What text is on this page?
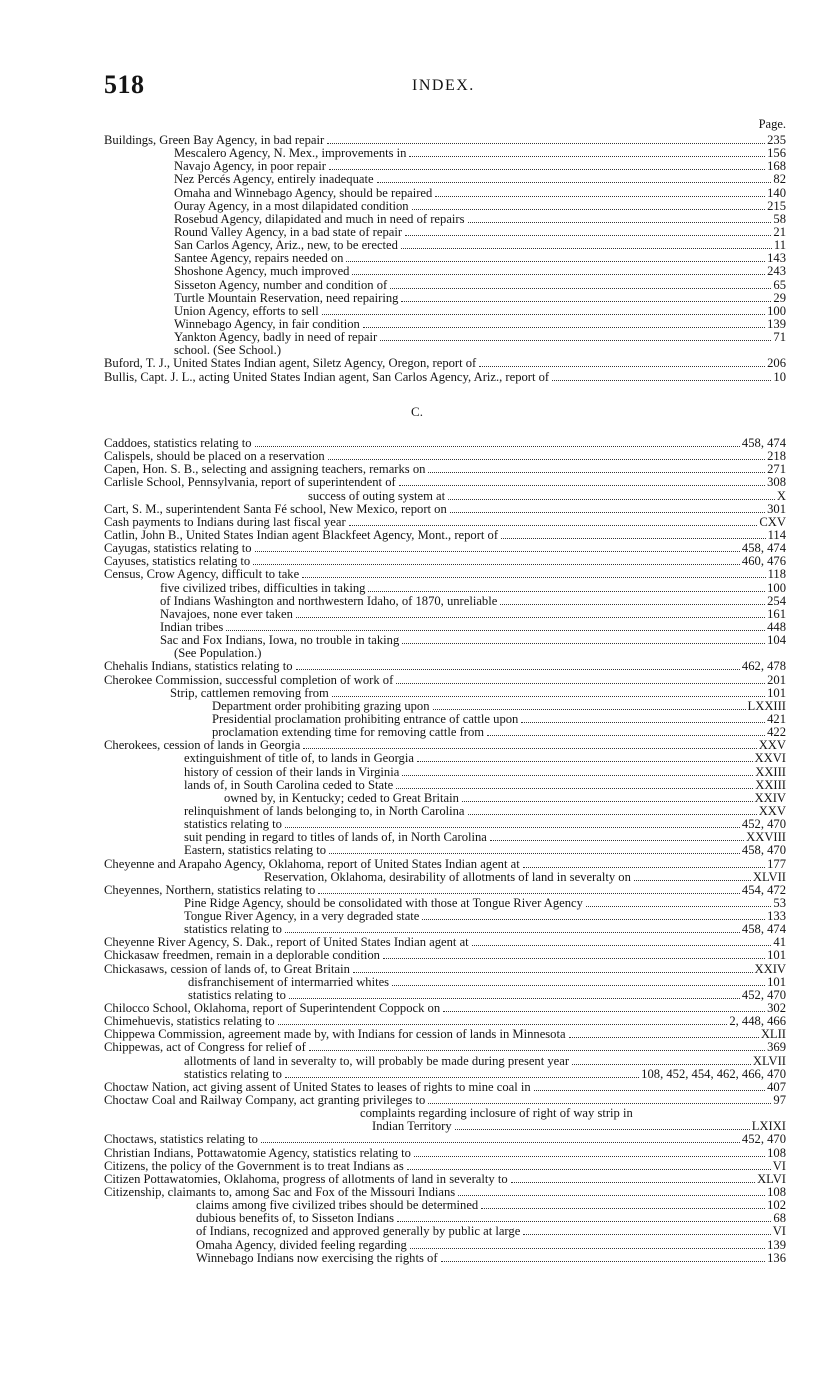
518	INDEX.
Page.
Buildings, Green Bay Agency, in bad repair	235
Mescalero Agency, N. Mex., improvements in	156
Navajo Agency, in poor repair	168
Nez Percés Agency, entirely inadequate	82
Omaha and Winnebago Agency, should be repaired	140
Ouray Agency, in a most dilapidated condition	215
Rosebud Agency, dilapidated and much in need of repairs	58
Round Valley Agency, in a bad state of repair	21
San Carlos Agency, Ariz., new, to be erected	11
Santee Agency, repairs needed on	143
Shoshone Agency, much improved	243
Sisseton Agency, number and condition of	65
Turtle Mountain Reservation, need repairing	29
Union Agency, efforts to sell	100
Winnebago Agency, in fair condition	139
Yankton Agency, badly in need of repair	71
school. (See School.)
Buford, T. J., United States Indian agent, Siletz Agency, Oregon, report of	206
Bullis, Capt. J. L., acting United States Indian agent, San Carlos Agency, Ariz., report of	10
C.
Caddoes, statistics relating to	458, 474
Calispels, should be placed on a reservation	218
Capen, Hon. S. B., selecting and assigning teachers, remarks on	271
Carlisle School, Pennsylvania, report of superintendent of	308
success of outing system at	X
Cart, S. M., superintendent Santa Fé school, New Mexico, report on	301
Cash payments to Indians during last fiscal year	CXV
Catlin, John B., United States Indian agent Blackfeet Agency, Mont., report of	114
Cayugas, statistics relating to	458, 474
Cayuses, statistics relating to	460, 476
Census, Crow Agency, difficult to take	118
five civilized tribes, difficulties in taking	100
of Indians Washington and northwestern Idaho, of 1870, unreliable	254
Navajoes, none ever taken	161
Indian tribes	448
Sac and Fox Indians, Iowa, no trouble in taking	104
(See Population.)
Chehalis Indians, statistics relating to	462, 478
Cherokee Commission, successful completion of work of	201
Strip, cattlemen removing from	101
Department order prohibiting grazing upon	LXXIII
Presidential proclamation prohibiting entrance of cattle upon	421
proclamation extending time for removing cattle from	422
Cherokees, cession of lands in Georgia	XXV
extinguishment of title of, to lands in Georgia	XXVI
history of cession of their lands in Virginia	XXIII
lands of, in South Carolina ceded to State	XXIII
owned by, in Kentucky; ceded to Great Britain	XXIV
relinquishment of lands belonging to, in North Carolina	XXV
statistics relating to	452, 470
suit pending in regard to titles of lands of, in North Carolina	XXVIII
Eastern, statistics relating to	458, 470
Cheyenne and Arapaho Agency, Oklahoma, report of United States Indian agent at	177
Reservation, Oklahoma, desirability of allotments of land in severalty on	XLVII
Cheyennes, Northern, statistics relating to	454, 472
Pine Ridge Agency, should be consolidated with those at Tongue River Agency	53
Tongue River Agency, in a very degraded state	133
statistics relating to	458, 474
Cheyenne River Agency, S. Dak., report of United States Indian agent at	41
Chickasaw freedmen, remain in a deplorable condition	101
Chickasaws, cession of lands of, to Great Britain	XXIV
disfranchisement of intermarried whites	101
statistics relating to	452, 470
Chilocco School, Oklahoma, report of Superintendent Coppock on	302
Chimehuevis, statistics relating to	2, 448, 466
Chippewa Commission, agreement made by, with Indians for cession of lands in Minnesota	XLII
Chippewas, act of Congress for relief of	369
allotments of land in severalty to, will probably be made during present year	XLVII
statistics relating to	108, 452, 454, 462, 466, 470
Choctaw Nation, act giving assent of United States to leases of rights to mine coal in	407
Choctaw Coal and Railway Company, act granting privileges to	97
complaints regarding inclosure of right of way strip in
Indian Territory	LXIXI
Choctaws, statistics relating to	452, 470
Christian Indians, Pottawatomie Agency, statistics relating to	108
Citizens, the policy of the Government is to treat Indians as	VI
Citizen Pottawatomies, Oklahoma, progress of allotments of land in severalty to	XLVI
Citizenship, claimants to, among Sac and Fox of the Missouri Indians	108
claims among five civilized tribes should be determined	102
dubious benefits of, to Sisseton Indians	68
of Indians, recognized and approved generally by public at large	VI
Omaha Agency, divided feeling regarding	139
Winnebago Indians now exercising the rights of	136
